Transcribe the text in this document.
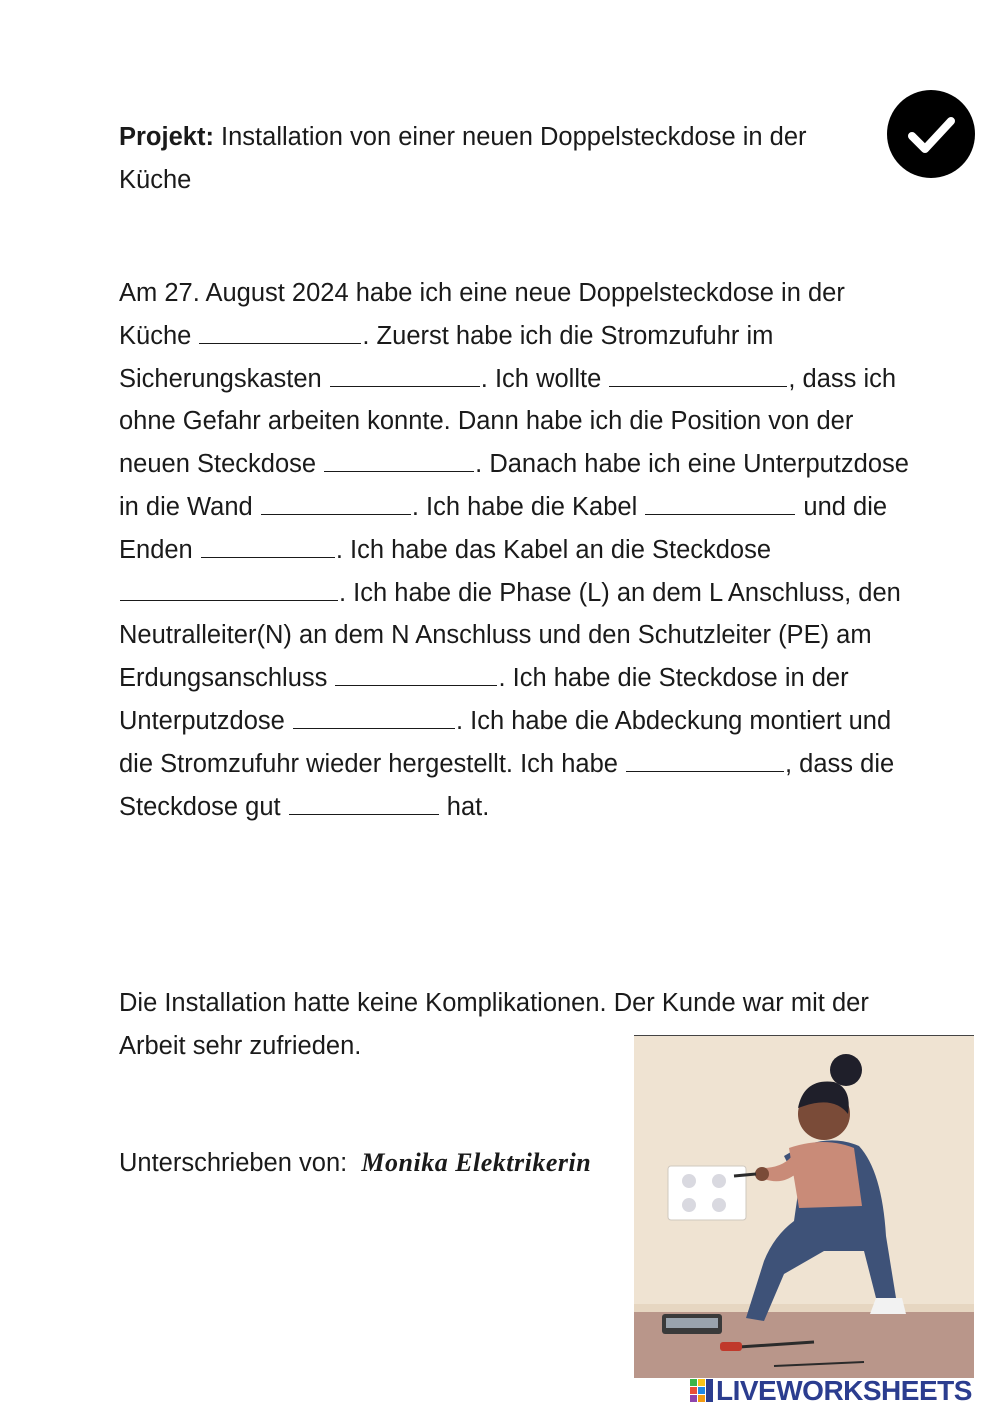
Projekt: Installation von einer neuen Doppelsteckdose in der Küche
Am 27. August 2024 habe ich eine neue Doppelsteckdose in der Küche	. Zuerst habe ich die Stromzufuhr im Sicherungskasten	. Ich wollte	, dass ich ohne Gefahr arbeiten konnte. Dann habe ich die Position von der neuen Steckdose	. Danach habe ich eine Unterputzdose in die Wand	. Ich habe die Kabel	und die Enden	. Ich habe das Kabel an die Steckdose . Ich habe die Phase (L) an dem L Anschluss, den Neutralleiter(N) an dem N Anschluss und den Schutzleiter (PE) am Erdungsanschluss	. Ich habe die Steckdose in der Unterputzdose	. Ich habe die Abdeckung montiert und die Stromzufuhr wieder hergestellt. Ich habe	, dass die Steckdose gut	hat.
Die Installation hatte keine Komplikationen. Der Kunde war mit der Arbeit sehr zufrieden.
Unterschrieben von: Monika Elektrikerin
LIVEWORKSHEETS
